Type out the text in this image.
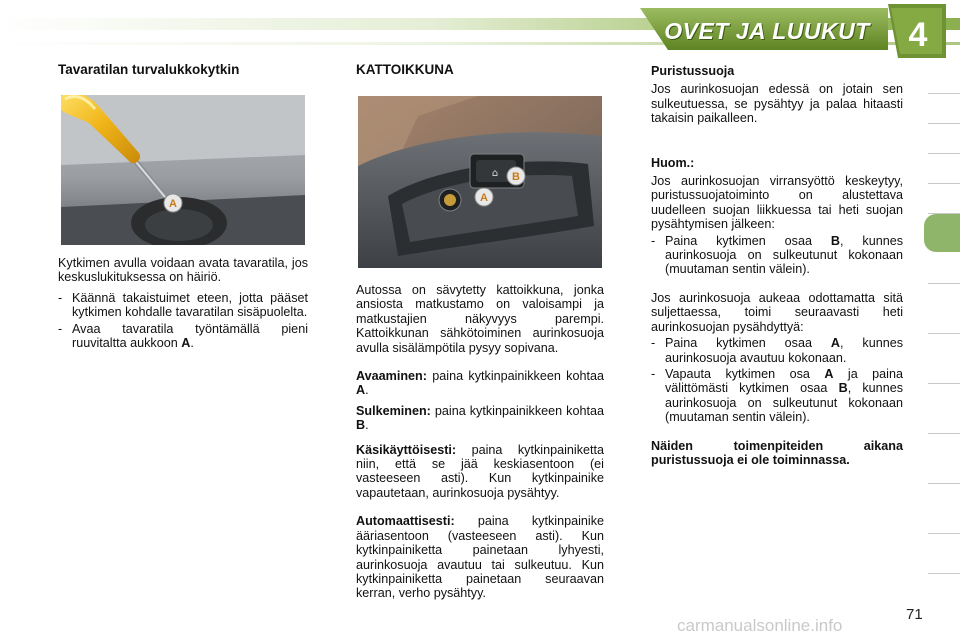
OVET JA LUUKUT	4
Tavaratilan turvalukkokytkin
A

Kytkimen avulla voidaan avata tavaratila, jos keskuslukituksessa on häiriö.

- Käännä takaistuimet eteen, jotta pääset kytkimen kohdalle tavaratilan sisäpuolelta.
- Avaa tavaratila työntämällä pieni ruuvitaltta aukkoon A.
KATTOIKKUNA
⌂ B
A

Autossa on sävytetty kattoikkuna, jonka ansiosta matkustamo on valoisampi ja matkustajien näkyvyys parempi. Kattoikkunan sähkötoiminen aurinkosuoja avulla sisälämpötila pysyy sopivana.

Avaaminen: paina kytkinpainikkeen kohtaa A.

Sulkeminen: paina kytkinpainikkeen kohtaa B.

Käsikäyttöisesti: paina kytkinpainiketta niin, että se jää keskiasentoon (ei vasteeseen asti). Kun kytkinpainike vapautetaan, aurinkosuoja pysähtyy.

Automaattisesti: paina kytkinpainike ääriasentoon (vasteeseen asti). Kun kytkinpainiketta painetaan lyhyesti, aurinkosuoja avautuu tai sulkeutuu. Kun kytkinpainiketta painetaan seuraavan kerran, verho pysähtyy.

Puristussuoja

Jos aurinkosuojan edessä on jotain sen sulkeutuessa, se pysähtyy ja palaa hitaasti takaisin paikalleen.

Huom.:

Jos aurinkosuojan virransyöttö keskeytyy, puristussuojatoiminto on alustettava uudelleen suojan liikkuessa tai heti suojan pysähtymisen jälkeen:

- Paina kytkimen osaa B, kunnes aurinkosuoja on sulkeutunut kokonaan (muutaman sentin välein).

Jos aurinkosuoja aukeaa odottamatta sitä suljettaessa, toimi seuraavasti heti aurinkosuojan pysähdyttyä:

- Paina kytkimen osaa A, kunnes aurinkosuoja avautuu kokonaan.
- Vapauta kytkimen osa A ja paina välittömästi kytkimen osaa B, kunnes aurinkosuoja on sulkeutunut kokonaan (muutaman sentin välein).

Näiden toimenpiteiden aikana puristussuoja ei ole toiminnassa.

carmanualsonline.info
71
